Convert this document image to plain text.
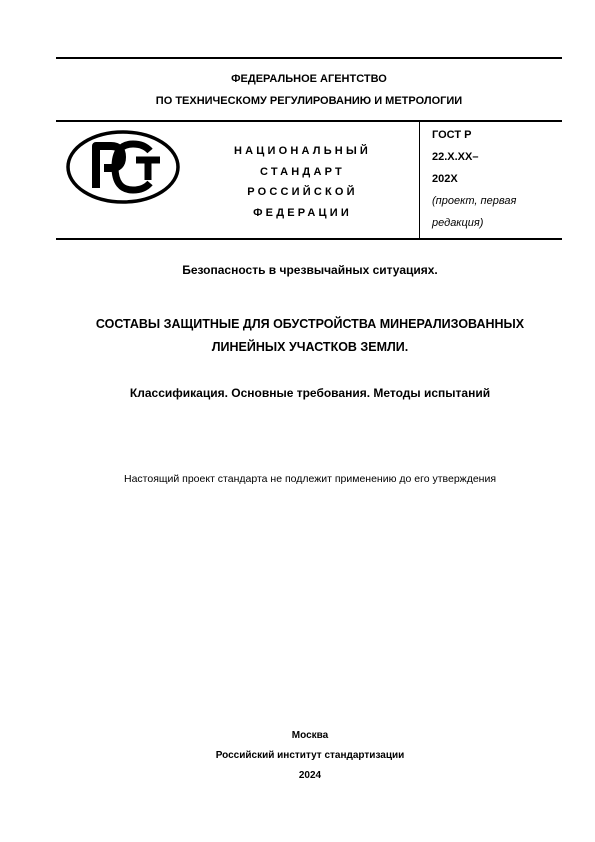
ФЕДЕРАЛЬНОЕ АГЕНТСТВО
ПО ТЕХНИЧЕСКОМУ РЕГУЛИРОВАНИЮ И МЕТРОЛОГИИ
НАЦИОНАЛЬНЫЙ
СТАНДАРТ
РОССИЙСКОЙ
ФЕДЕРАЦИИ
ГОСТ Р
22.Х.ХХ–
202Х
(проект, первая
редакция)
Безопасность в чрезвычайных ситуациях.
СОСТАВЫ ЗАЩИТНЫЕ ДЛЯ ОБУСТРОЙСТВА МИНЕРАЛИЗОВАННЫХ
ЛИНЕЙНЫХ УЧАСТКОВ ЗЕМЛИ.
Классификация. Основные требования. Методы испытаний
Настоящий проект стандарта не подлежит применению до его утверждения
Москва
Российский институт стандартизации
2024
